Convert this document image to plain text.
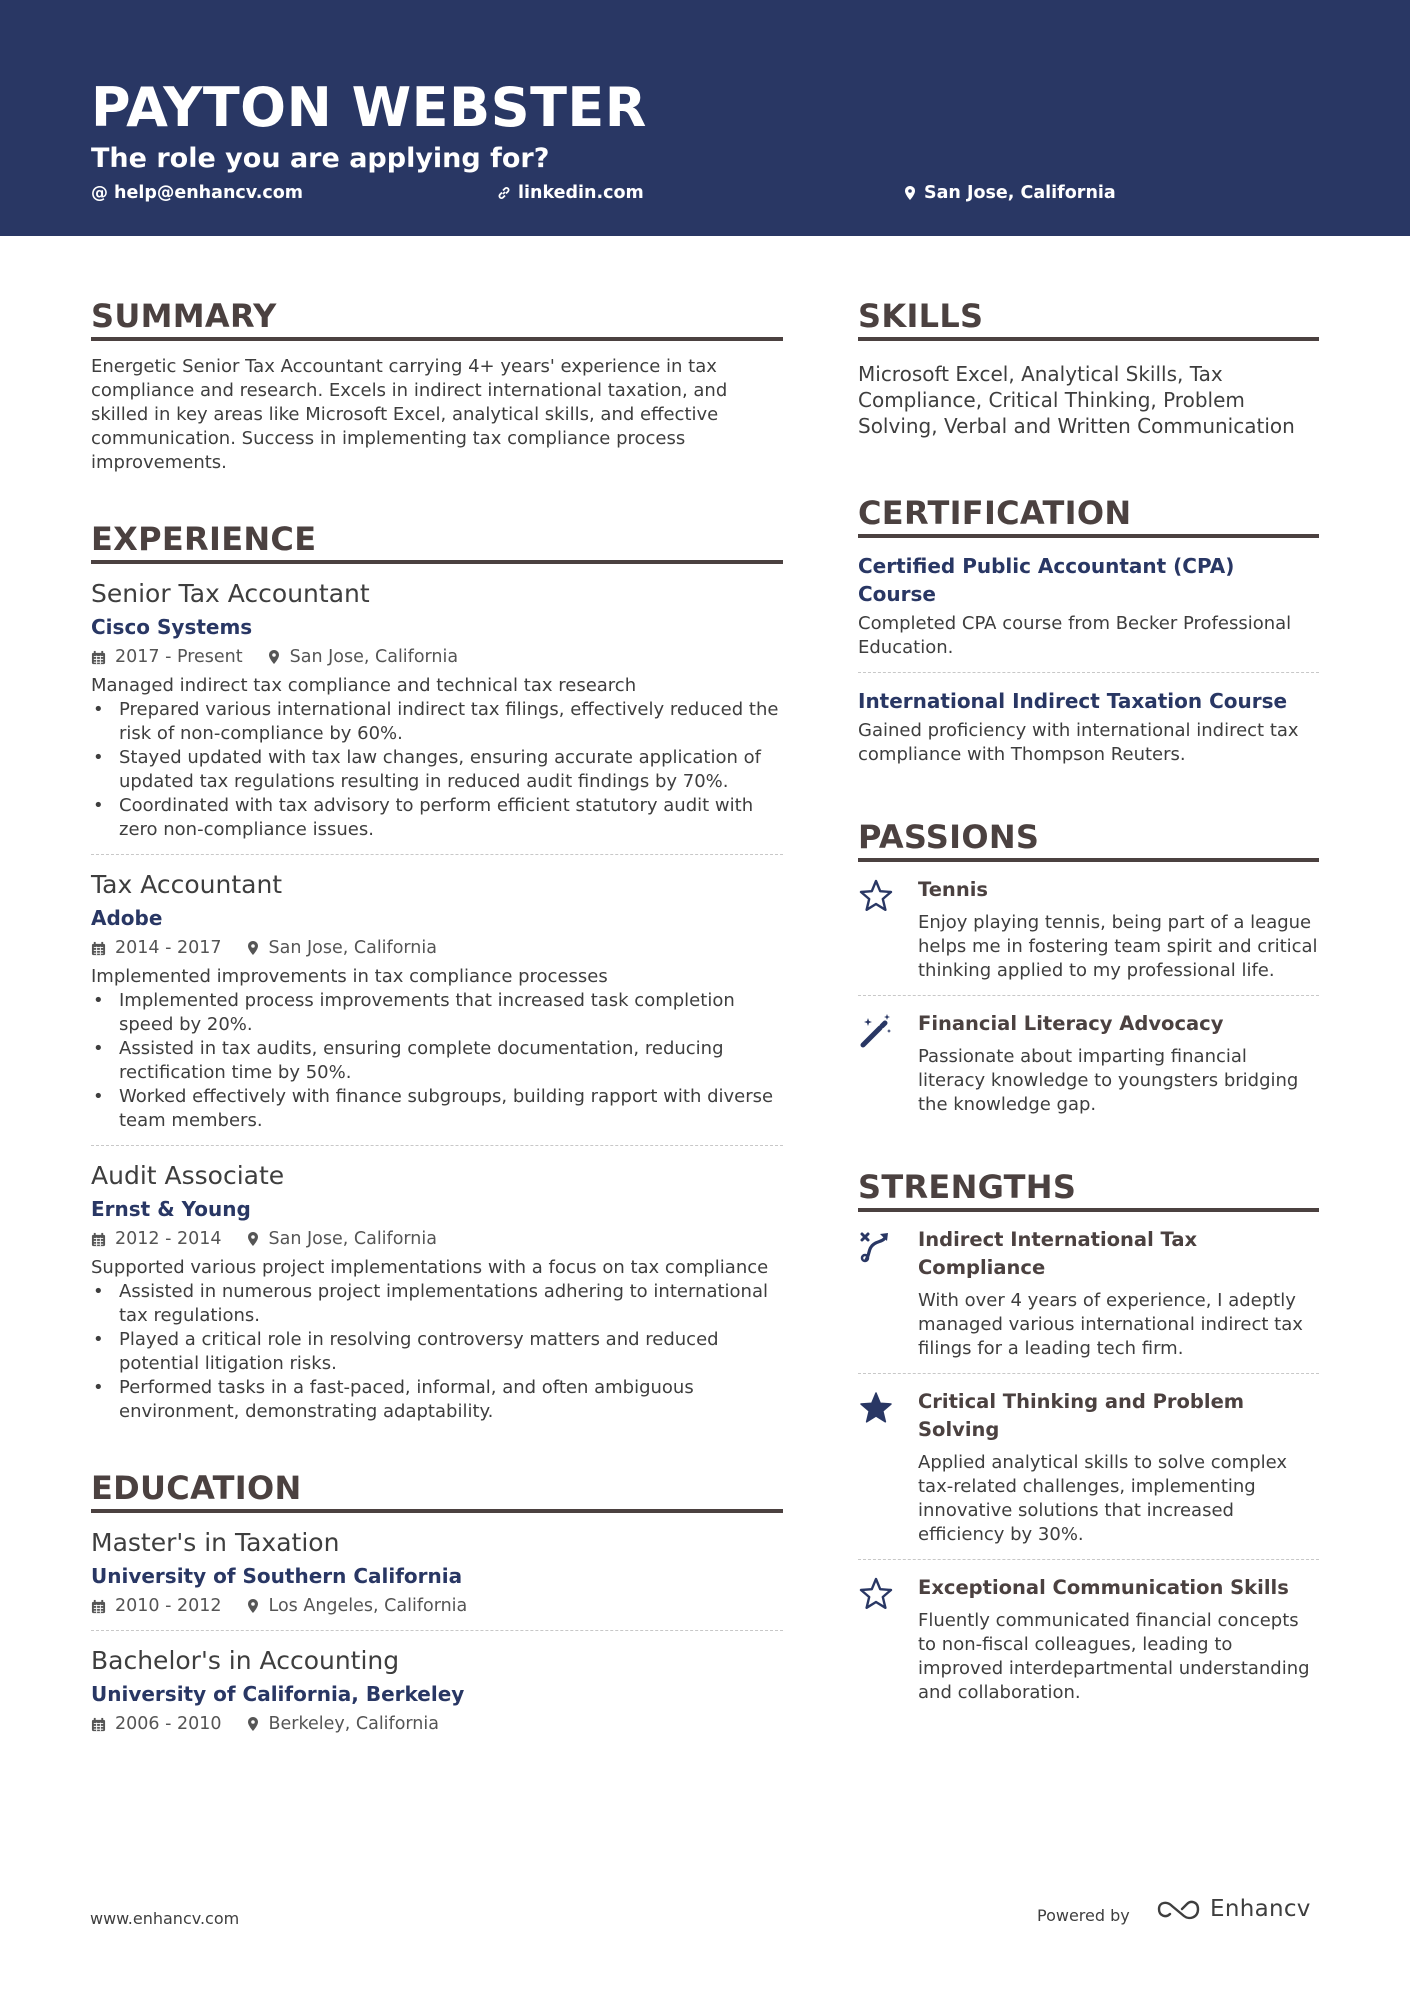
PAYTON WEBSTER
The role you are applying for?
@ help@enhancv.com	linkedin.com	San Jose, California
SUMMARY
Energetic Senior Tax Accountant carrying 4+ years' experience in tax compliance and research. Excels in indirect international taxation, and skilled in key areas like Microsoft Excel, analytical skills, and effective communication. Success in implementing tax compliance process improvements.
EXPERIENCE
Senior Tax Accountant
Cisco Systems
2017 - Present	San Jose, California
Managed indirect tax compliance and technical tax research
• Prepared various international indirect tax filings, effectively reduced the risk of non-compliance by 60%.
• Stayed updated with tax law changes, ensuring accurate application of updated tax regulations resulting in reduced audit findings by 70%.
• Coordinated with tax advisory to perform efficient statutory audit with zero non-compliance issues.
Tax Accountant
Adobe
2014 - 2017	San Jose, California
Implemented improvements in tax compliance processes
• Implemented process improvements that increased task completion speed by 20%.
• Assisted in tax audits, ensuring complete documentation, reducing rectification time by 50%.
• Worked effectively with finance subgroups, building rapport with diverse team members.
Audit Associate
Ernst & Young
2012 - 2014	San Jose, California
Supported various project implementations with a focus on tax compliance
• Assisted in numerous project implementations adhering to international tax regulations.
• Played a critical role in resolving controversy matters and reduced potential litigation risks.
• Performed tasks in a fast-paced, informal, and often ambiguous environment, demonstrating adaptability.
EDUCATION
Master's in Taxation
University of Southern California
2010 - 2012	Los Angeles, California
Bachelor's in Accounting
University of California, Berkeley
2006 - 2010	Berkeley, California
SKILLS
Microsoft Excel, Analytical Skills, Tax Compliance, Critical Thinking, Problem Solving, Verbal and Written Communication
CERTIFICATION
Certified Public Accountant (CPA) Course
Completed CPA course from Becker Professional Education.
International Indirect Taxation Course
Gained proficiency with international indirect tax compliance with Thompson Reuters.
PASSIONS
Tennis
Enjoy playing tennis, being part of a league helps me in fostering team spirit and critical thinking applied to my professional life.
Financial Literacy Advocacy
Passionate about imparting financial literacy knowledge to youngsters bridging the knowledge gap.
STRENGTHS
Indirect International Tax Compliance
With over 4 years of experience, I adeptly managed various international indirect tax filings for a leading tech firm.
Critical Thinking and Problem Solving
Applied analytical skills to solve complex tax-related challenges, implementing innovative solutions that increased efficiency by 30%.
Exceptional Communication Skills
Fluently communicated financial concepts to non-fiscal colleagues, leading to improved interdepartmental understanding and collaboration.
www.enhancv.com	Powered by	Enhancv
